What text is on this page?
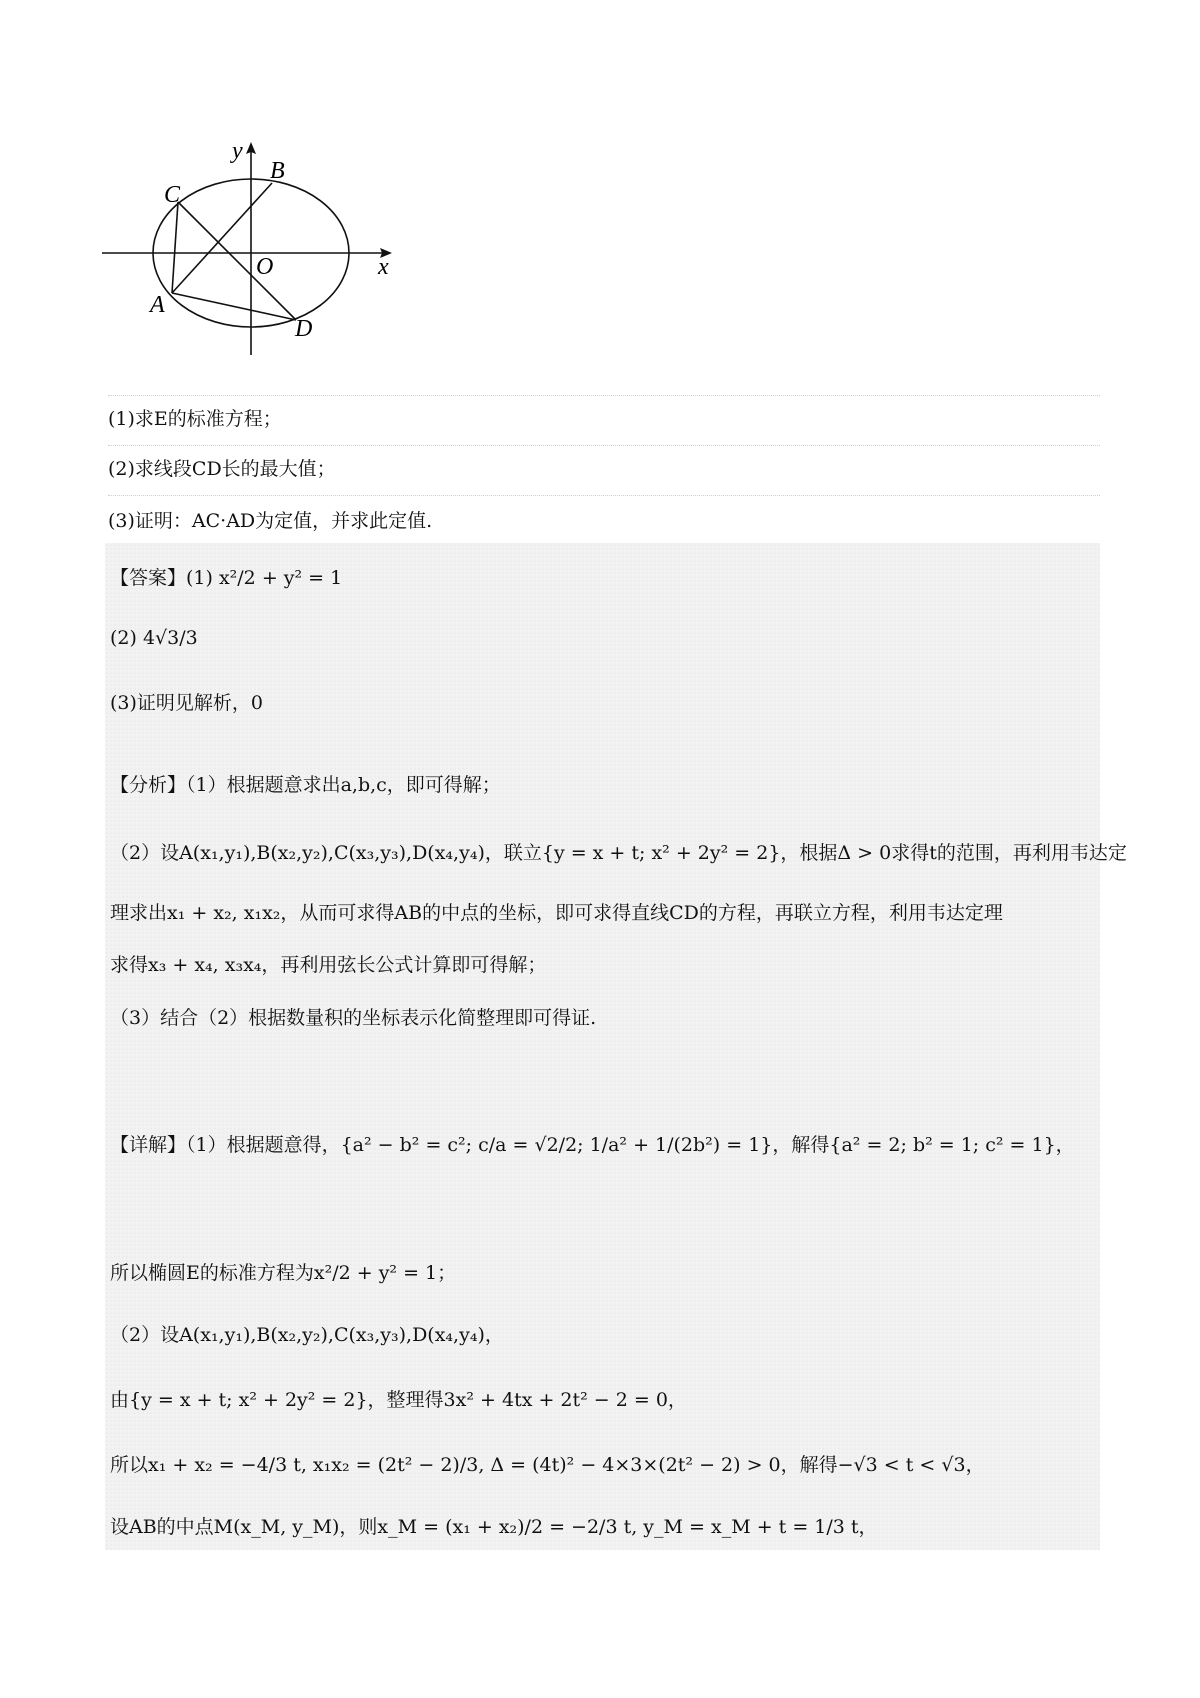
y
x
B
C
O
A
D
(1)求E的标准方程；
(2)求线段CD长的最大值；
(3)证明：AC·AD为定值，并求此定值.
【答案】(1) x²/2 + y² = 1
(2) 4√3/3
(3)证明见解析，0
【分析】（1）根据题意求出a,b,c，即可得解；
（2）设A(x₁,y₁),B(x₂,y₂),C(x₃,y₃),D(x₄,y₄)，联立{y = x + t; x² + 2y² = 2}，根据Δ > 0求得t的范围，再利用韦达定
理求出x₁ + x₂, x₁x₂，从而可求得AB的中点的坐标，即可求得直线CD的方程，再联立方程，利用韦达定理
求得x₃ + x₄, x₃x₄，再利用弦长公式计算即可得解；
（3）结合（2）根据数量积的坐标表示化简整理即可得证.
【详解】（1）根据题意得，{a² − b² = c²; c/a = √2/2; 1/a² + 1/(2b²) = 1}，解得{a² = 2; b² = 1; c² = 1}，
所以椭圆E的标准方程为x²/2 + y² = 1；
（2）设A(x₁,y₁),B(x₂,y₂),C(x₃,y₃),D(x₄,y₄)，
由{y = x + t; x² + 2y² = 2}，整理得3x² + 4tx + 2t² − 2 = 0，
所以x₁ + x₂ = −4/3 t, x₁x₂ = (2t² − 2)/3, Δ = (4t)² − 4×3×(2t² − 2) > 0，解得−√3 < t < √3，
设AB的中点M(x_M, y_M)，则x_M = (x₁ + x₂)/2 = −2/3 t, y_M = x_M + t = 1/3 t，
